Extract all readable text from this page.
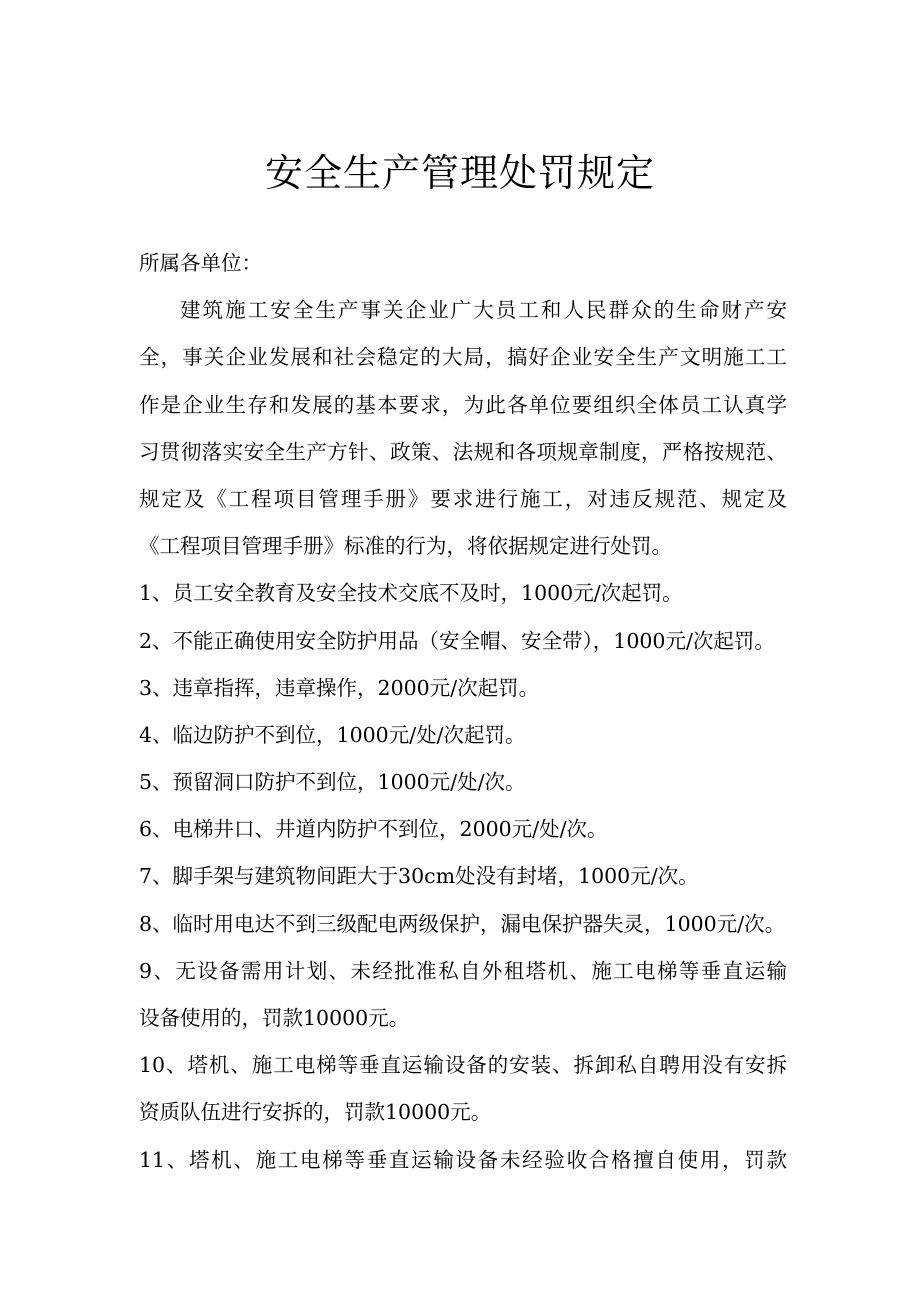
安全生产管理处罚规定
所属各单位：
建筑施工安全生产事关企业广大员工和人民群众的生命财产安
全，事关企业发展和社会稳定的大局，搞好企业安全生产文明施工工
作是企业生存和发展的基本要求，为此各单位要组织全体员工认真学
习贯彻落实安全生产方针、政策、法规和各项规章制度，严格按规范、
规定及《工程项目管理手册》要求进行施工，对违反规范、规定及
《工程项目管理手册》标准的行为，将依据规定进行处罚。
1、员工安全教育及安全技术交底不及时，1000元/次起罚。
2、不能正确使用安全防护用品（安全帽、安全带），1000元/次起罚。
3、违章指挥，违章操作，2000元/次起罚。
4、临边防护不到位，1000元/处/次起罚。
5、预留洞口防护不到位，1000元/处/次。
6、电梯井口、井道内防护不到位，2000元/处/次。
7、脚手架与建筑物间距大于30cm处没有封堵，1000元/次。
8、临时用电达不到三级配电两级保护，漏电保护器失灵，1000元/次。
9、无设备需用计划、未经批准私自外租塔机、施工电梯等垂直运输
设备使用的，罚款10000元。
10、塔机、施工电梯等垂直运输设备的安装、拆卸私自聘用没有安拆
资质队伍进行安拆的，罚款10000元。
11、塔机、施工电梯等垂直运输设备未经验收合格擅自使用，罚款
